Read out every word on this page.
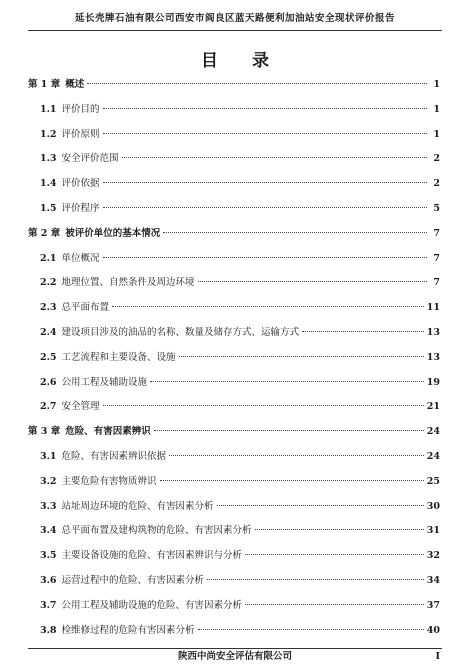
延长壳牌石油有限公司西安市阎良区蓝天路便利加油站安全现状评价报告
目 录
第 1 章 概述	1
1.1 评价目的	1
1.2 评价原则	1
1.3 安全评价范围	2
1.4 评价依据	2
1.5 评价程序	5
第 2 章 被评价单位的基本情况	7
2.1 单位概况	7
2.2 地理位置、自然条件及周边环境	7
2.3 总平面布置	11
2.4 建设项目涉及的油品的名称、数量及储存方式、运输方式	13
2.5 工艺流程和主要设备、设施	13
2.6 公用工程及辅助设施	19
2.7 安全管理	21
第 3 章 危险、有害因素辨识	24
3.1 危险、有害因素辨识依据	24
3.2 主要危险有害物质辨识	25
3.3 站址周边环境的危险、有害因素分析	30
3.4 总平面布置及建构筑物的危险、有害因素分析	31
3.5 主要设备设施的危险、有害因素辨识与分析	32
3.6 运营过程中的危险、有害因素分析	34
3.7 公用工程及辅助设施的危险、有害因素分析	37
3.8 检维修过程的危险有害因素分析	40
陕西中尚安全评估有限公司	I
